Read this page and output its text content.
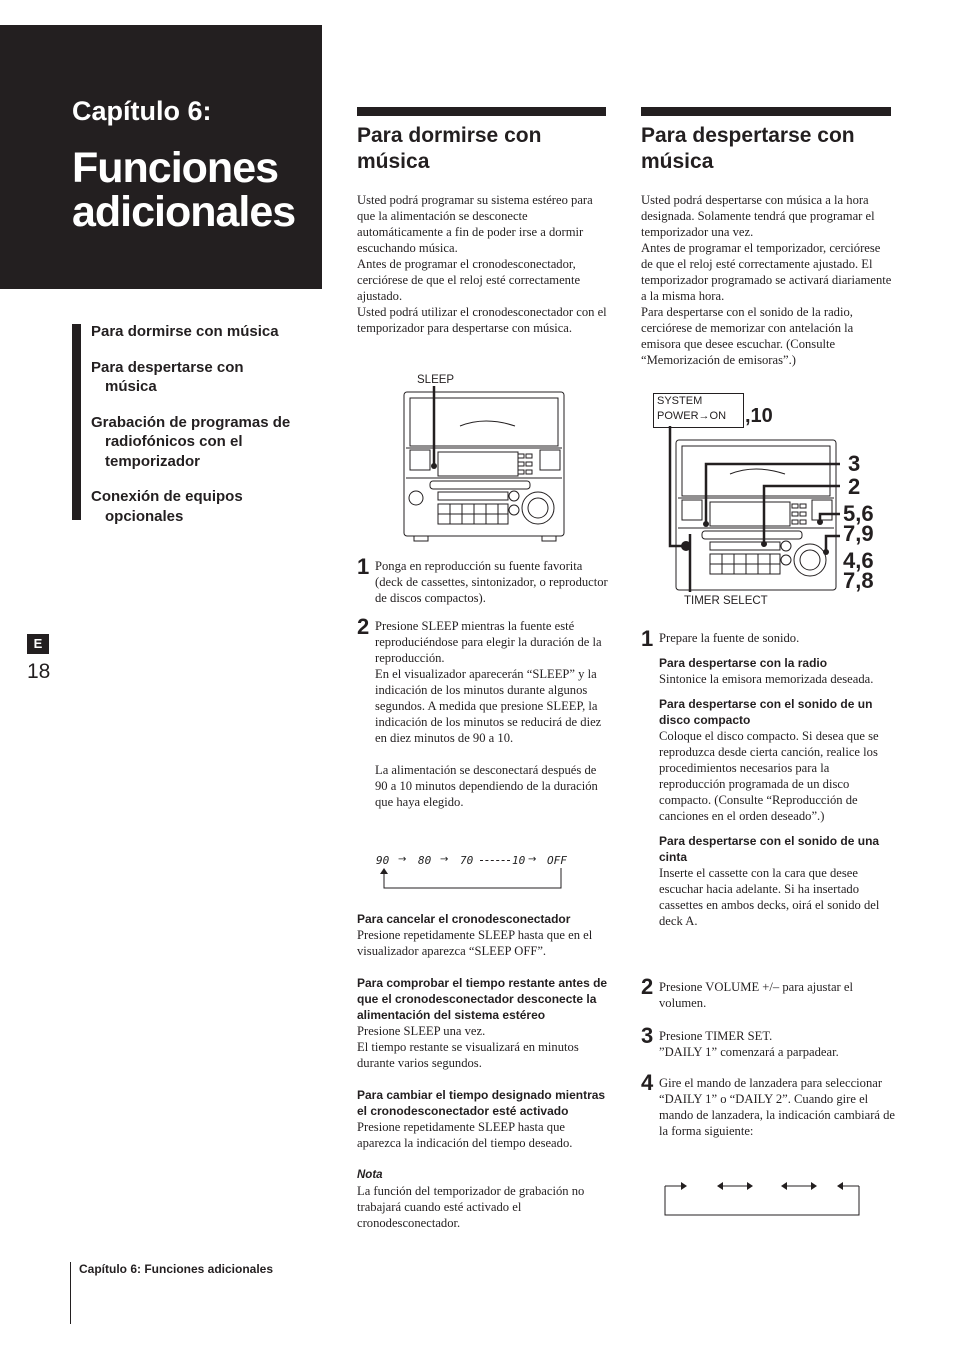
Capítulo 6:
Funciones
adicionales
Para dormirse con música
Para despertarse con música
Grabación de programas de radiofónicos con el temporizador
Conexión de equipos opcionales
E
18
Capítulo 6: Funciones adicionales
Para dormirse con música

Usted podrá programar su sistema estéreo para que la alimentación se desconecte automáticamente a fin de poder irse a dormir escuchando música.

Antes de programar el cronodesconectador, cerciórese de que el reloj esté correctamente ajustado.

Usted podrá utilizar el cronodesconectador con el temporizador para despertarse con música.

SLEEP
1 Ponga en reproducción su fuente favorita (deck de cassettes, sintonizador, o reproductor de discos compactos).
2 Presione SLEEP mientras la fuente esté reproduciéndose para elegir la duración de la reproducción.

En el visualizador aparecerán “SLEEP” y la indicación de los minutos durante algunos segundos. A medida que presione SLEEP, la indicación de los minutos se reducirá de diez en diez minutos de 90 a 10.

La alimentación se desconectará después de 90 a 10 minutos dependiendo de la duración que haya elegido.

90 → 80 → 70	10 → OFF
Para cancelar el cronodesconectador

Presione repetidamente SLEEP hasta que en el visualizador aparezca “SLEEP OFF”.

Para comprobar el tiempo restante antes de que el cronodesconectador desconecte la alimentación del sistema estéreo

Presione SLEEP una vez.

El tiempo restante se visualizará en minutos durante varios segundos.

Para cambiar el tiempo designado mientras el cronodesconectador esté activado

Presione repetidamente SLEEP hasta que aparezca la indicación del tiempo deseado.

Nota

La función del temporizador de grabación no trabajará cuando esté activado el cronodesconectador.

Para despertarse con música

Usted podrá despertarse con música a la hora designada. Solamente tendrá que programar el temporizador una vez.

Antes de programar el temporizador, cerciórese de que el reloj esté correctamente ajustado. El temporizador programado se activará diariamente a la misma hora.

Para despertarse con el sonido de la radio, cerciórese de memorizar con antelación la emisora que desee escuchar. (Consulte “Memorización de emisoras”.)

SYSTEM
POWER→ON ,10
3
2
5,6
7,9
4,6
7,8
TIMER SELECT
1 Prepare la fuente de sonido.

Para despertarse con la radio

Sintonice la emisora memorizada deseada.

Para despertarse con el sonido de un disco compacto

Coloque el disco compacto. Si desea que se reproduzca desde cierta canción, realice los procedimientos necesarios para la reproducción programada de un disco compacto. (Consulte “Reproducción de canciones en el orden deseado”.)

Para despertarse con el sonido de una cinta

Inserte el cassette con la cara que desee escuchar hacia adelante. Si ha insertado cassettes en ambos decks, oirá el sonido del deck A.

2 Presione VOLUME +/– para ajustar el volumen.
3 Presione TIMER SET.

”DAILY 1” comenzará a parpadear.

4 Gire el mando de lanzadera para seleccionar “DAILY 1” o “DAILY 2”. Cuando gire el mando de lanzadera, la indicación cambiará de la forma siguiente:
